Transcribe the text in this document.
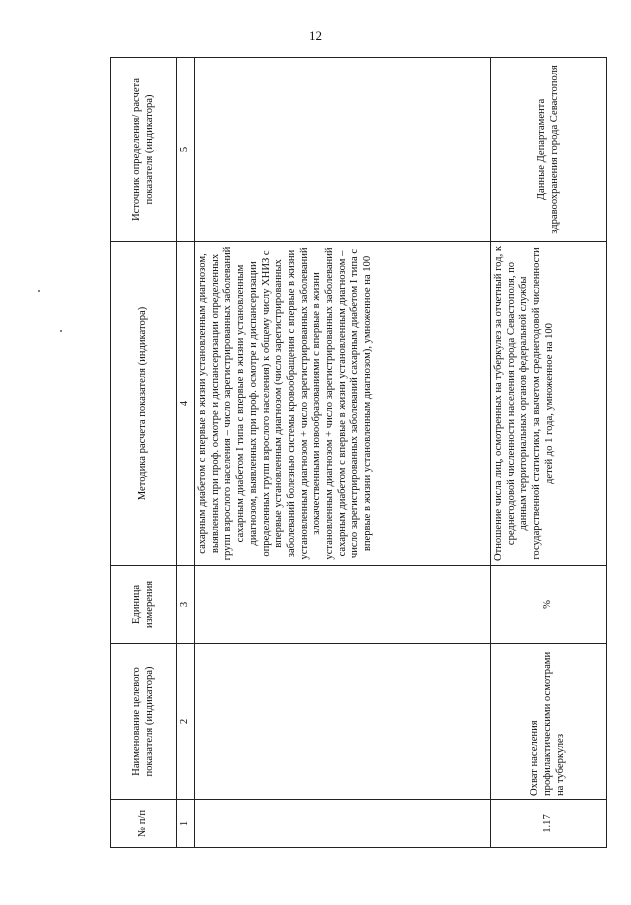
12
№ п/п	Наименование целевого показателя (индикатора)	Единица измерения	Методика расчета показателя (индикатора)	Источник определения/ расчета показателя (индикатора)
1	2	3	4	5
			сахарным диабетом с впервые в жизни установленным диагнозом, выявленных при проф. осмотре и диспансеризации определенных групп взрослого населения – число зарегистрированных заболеваний сахарным диабетом I типа с впервые в жизни установленным диагнозом, выявленных при проф. осмотре и диспансеризации определенных групп взрослого населения) к общему числу ХНИЗ с впервые установленным диагнозом (число зарегистрированных заболеваний болезнью системы кровообращения с впервые в жизни установленным диагнозом + число зарегистрированных заболеваний злокачественными новообразованиями с впервые в жизни установленным диагнозом + число зарегистрированных заболеваний сахарным диабетом с впервые в жизни установленным диагнозом – число зарегистрированных заболеваний сахарным диабетом I типа с впервые в жизни установленным диагнозом), умноженное на 100	
1.17	Охват населения профилактическими осмотрами на туберкулез	%	Отношение числа лиц, осмотренных на туберкулез за отчетный год, к среднегодовой численности населения города Севастополя, по данным территориальных органов федеральной службы государственной статистики, за вычетом среднегодовой численности детей до 1 года, умноженное на 100	Данные Департамента здравоохранения города Севастополя
